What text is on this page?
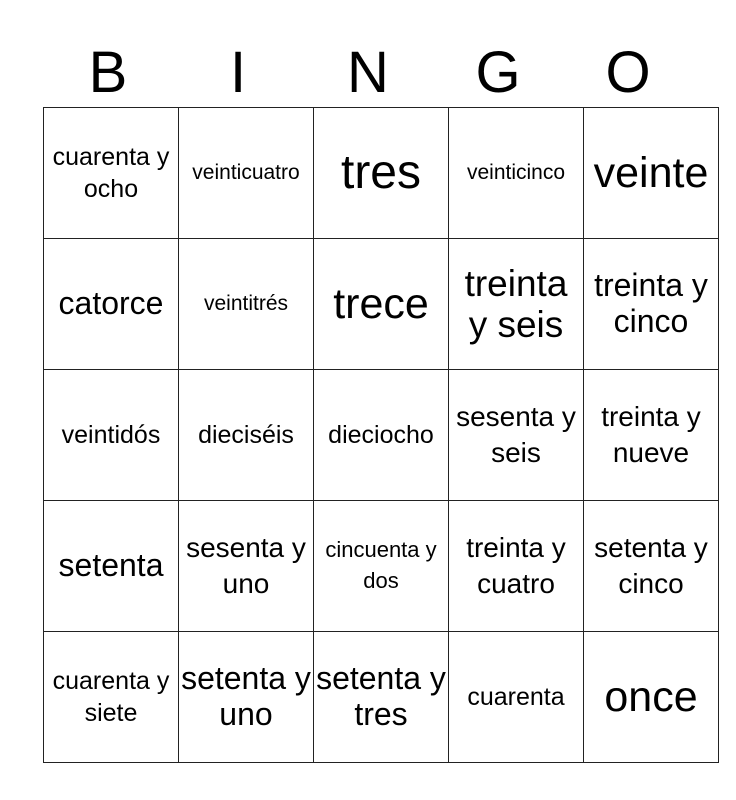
B	I	N	G	O
cuarenta y ocho	veinticuatro	tres	veinticinco	veinte

catorce	veintitrés	trece	treinta y seis	treinta y cinco

veintidós	dieciséis	dieciocho	sesenta y seis	treinta y nueve

setenta	sesenta y uno	cincuenta y dos	treinta y cuatro	setenta y cinco

cuarenta y siete	setenta y uno	setenta y tres	cuarenta	once
